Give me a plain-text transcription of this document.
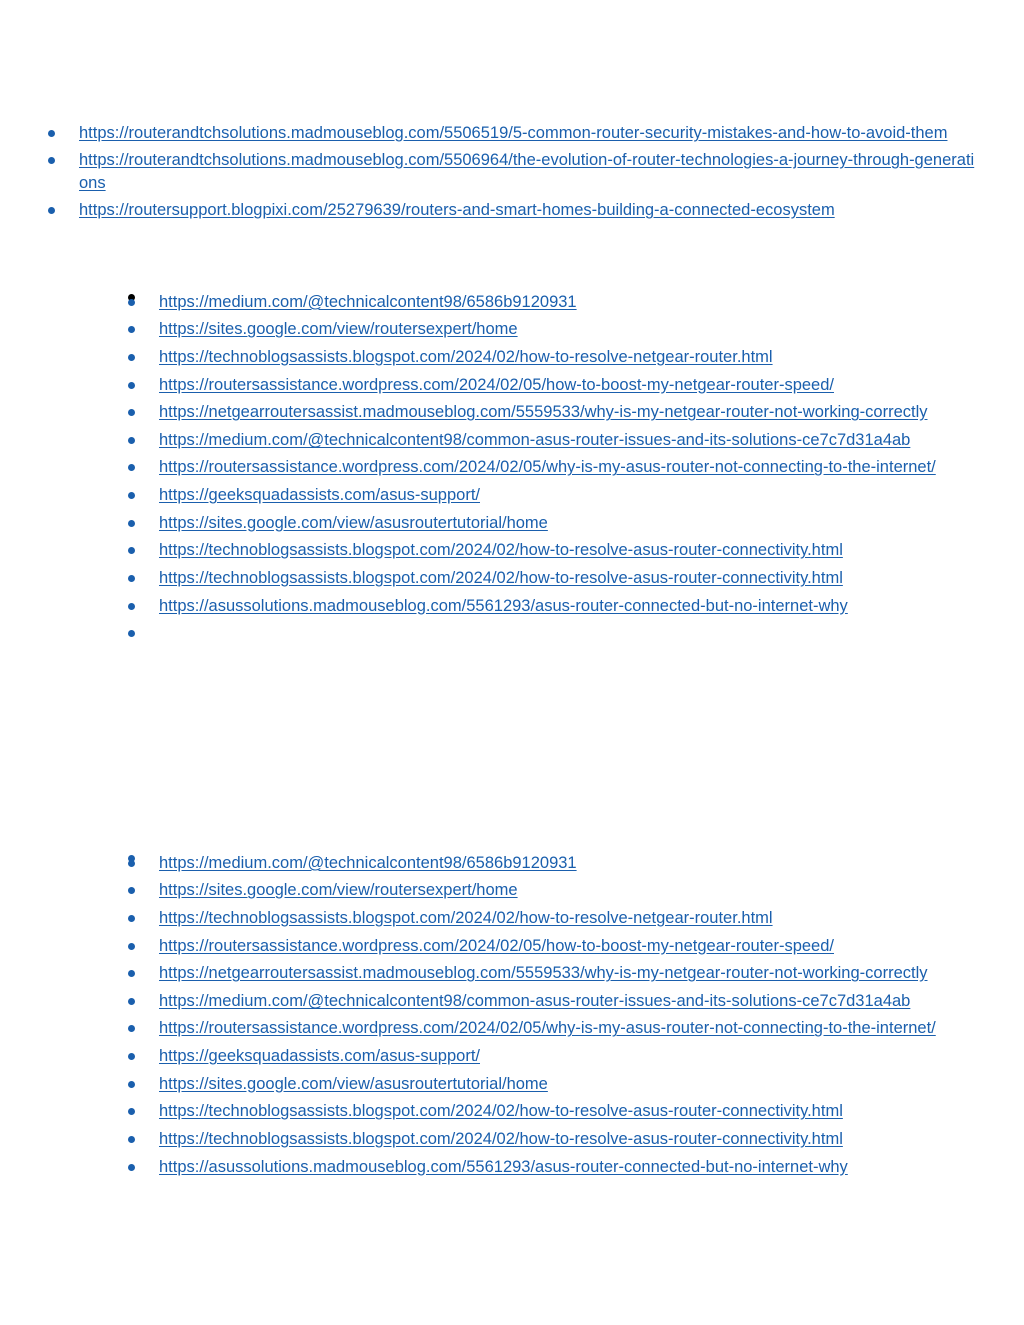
https://routerandtchsolutions.madmouseblog.com/5506519/5-common-router-security-mistakes-and-how-to-avoid-them
https://routerandtchsolutions.madmouseblog.com/5506964/the-evolution-of-router-technologies-a-journey-through-generations
https://routersupport.blogpixi.com/25279639/routers-and-smart-homes-building-a-connected-ecosystem
https://medium.com/@technicalcontent98/6586b9120931
https://sites.google.com/view/routersexpert/home
https://technoblogsassists.blogspot.com/2024/02/how-to-resolve-netgear-router.html
https://routersassistance.wordpress.com/2024/02/05/how-to-boost-my-netgear-router-speed/
https://netgearroutersassist.madmouseblog.com/5559533/why-is-my-netgear-router-not-working-correctly
https://medium.com/@technicalcontent98/common-asus-router-issues-and-its-solutions-ce7c7d31a4ab
https://routersassistance.wordpress.com/2024/02/05/why-is-my-asus-router-not-connecting-to-the-internet/
https://geeksquadassists.com/asus-support/
https://sites.google.com/view/asusroutertutorial/home
https://technoblogsassists.blogspot.com/2024/02/how-to-resolve-asus-router-connectivity.html
https://technoblogsassists.blogspot.com/2024/02/how-to-resolve-asus-router-connectivity.html
https://asussolutions.madmouseblog.com/5561293/asus-router-connected-but-no-internet-why
https://medium.com/@technicalcontent98/6586b9120931
https://sites.google.com/view/routersexpert/home
https://technoblogsassists.blogspot.com/2024/02/how-to-resolve-netgear-router.html
https://routersassistance.wordpress.com/2024/02/05/how-to-boost-my-netgear-router-speed/
https://netgearroutersassist.madmouseblog.com/5559533/why-is-my-netgear-router-not-working-correctly
https://medium.com/@technicalcontent98/common-asus-router-issues-and-its-solutions-ce7c7d31a4ab
https://routersassistance.wordpress.com/2024/02/05/why-is-my-asus-router-not-connecting-to-the-internet/
https://geeksquadassists.com/asus-support/
https://sites.google.com/view/asusroutertutorial/home
https://technoblogsassists.blogspot.com/2024/02/how-to-resolve-asus-router-connectivity.html
https://technoblogsassists.blogspot.com/2024/02/how-to-resolve-asus-router-connectivity.html
https://asussolutions.madmouseblog.com/5561293/asus-router-connected-but-no-internet-why
